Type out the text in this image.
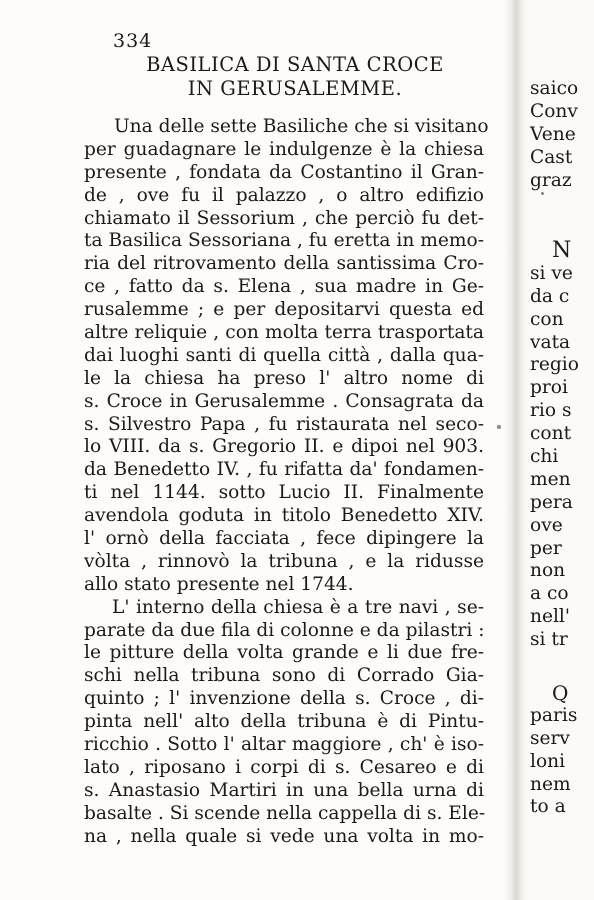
334
BASILICA DI SANTA CROCE
IN GERUSALEMME.
Una delle sette Basiliche che si visitano
per guadagnare le indulgenze è la chiesa
presente , fondata da Costantino il Gran-
de , ove fu il palazzo , o altro edifizio
chiamato il Sessorium , che perciò fu det-
ta Basilica Sessoriana , fu eretta in memo-
ria del ritrovamento della santissima Cro-
ce , fatto da s. Elena , sua madre in Ge-
rusalemme ; e per depositarvi questa ed
altre reliquie , con molta terra trasportata
dai luoghi santi di quella città , dalla qua-
le la chiesa ha preso l' altro nome di
s. Croce in Gerusalemme . Consagrata da
s. Silvestro Papa , fu ristaurata nel seco-
lo VIII. da s. Gregorio II. e dipoi nel 903.
da Benedetto IV. , fu rifatta da' fondamen-
ti nel 1144. sotto Lucio II. Finalmente
avendola goduta in titolo Benedetto XIV.
l' ornò della facciata , fece dipingere la
vòlta , rinnovò la tribuna , e la ridusse
allo stato presente nel 1744.
L' interno della chiesa è a tre navi , se-
parate da due fila di colonne e da pilastri :
le pitture della volta grande e li due fre-
schi nella tribuna sono di Corrado Gia-
quinto ; l' invenzione della s. Croce , di-
pinta nell' alto della tribuna è di Pintu-
ricchio . Sotto l' altar maggiore , ch' è iso-
lato , riposano i corpi di s. Cesareo e di
s. Anastasio Martiri in una bella urna di
basalte . Si scende nella cappella di s. Ele-
na , nella quale si vede una volta in mo-
saico
Conv
Vene
Cast
graz
N
si ve
da c
con
vata
regio
proi
rio s
cont
chi
men
pera
ove
per
non
a co
nell'
si tr
Q
paris
serv
loni
nem
to a
